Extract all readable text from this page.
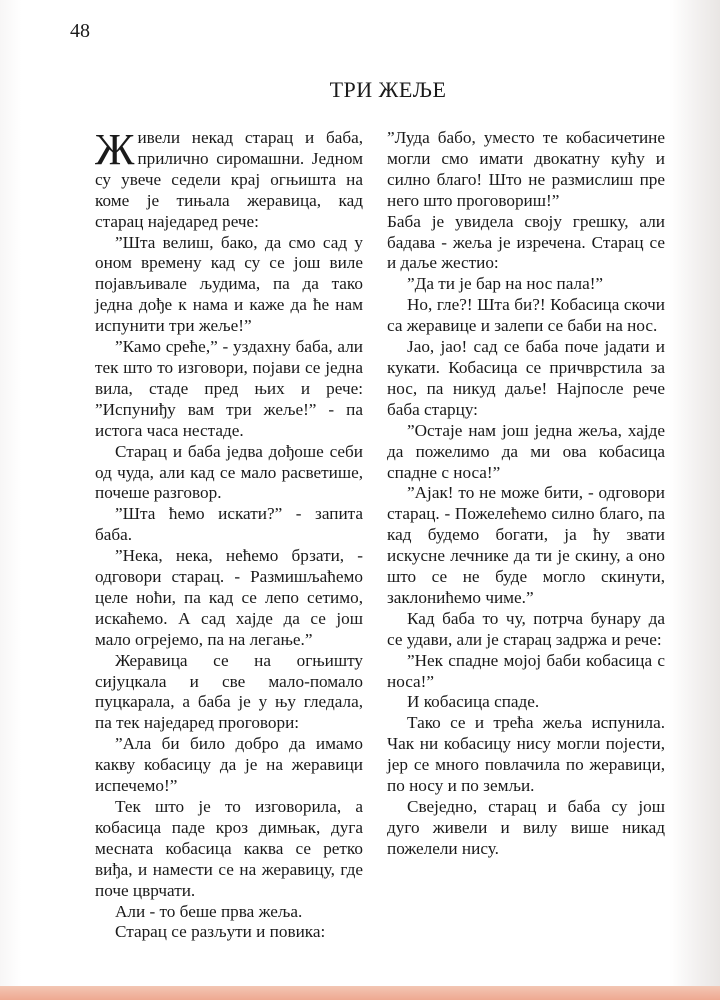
48
ТРИ ЖЕЉЕ

Живели некад старац и баба, прилично сиромашни. Једном су увече седели крај огњишта на коме је тињала жеравица, кад старац наједаред рече:

”Шта велиш, бако, да смо сад у оном времену кад су се још виле појављивале људима, па да тако једна дође к нама и каже да ће нам испунити три жеље!”

”Камо среће,” - уздахну баба, али тек што то изговори, појави се једна вила, стаде пред њих и рече: ”Испуниђу вам три жеље!” - па истога часа нестаде.

Старац и баба једва дођоше себи од чуда, али кад се мало расветише, почеше разговор.

”Шта ћемо искати?” - запита баба.

”Нека, нека, нећемо брзати, - одговори старац. - Размишљаћемо целе ноћи, па кад се лепо сетимо, искаћемо. А сад хајде да се још мало огрејемо, па на легање.”

Жеравица се на огњишту сијуцкала и све мало-помало пуцкарала, а баба је у њу гледала, па тек наједаред проговори:

”Ала би било добро да имамо какву кобасицу да је на жеравици испечемо!”

Тек што је то изговорила, а кобасица паде кроз димњак, дуга месната кобасица каква се ретко виђа, и намести се на жеравицу, где поче цврчати.

Али - то беше прва жеља.

Старац се разљути и повика:

”Луда бабо, уместо те кобасичетине могли смо имати двокатну кућу и силно благо! Што не размислиш пре него што проговориш!”

Баба је увидела своју грешку, али бадава - жеља је изречена. Старац се и даље жестио:

”Да ти је бар на нос пала!”

Но, гле?! Шта би?! Кобасица скочи са жеравице и залепи се баби на нос.

Јао, јао! сад се баба поче јадати и кукати. Кобасица се причврстила за нос, па никуд даље! Најпосле рече баба старцу:

”Остаје нам још једна жеља, хајде да пожелимо да ми ова кобасица спадне с носа!”

”Ајак! то не може бити, - одговори старац. - Пожелећемо силно благо, па кад будемо богати, ја ћу звати искусне лечнике да ти је скину, а оно што се не буде могло скинути, заклонићемо чиме.”

Кад баба то чу, потрча бунару да се удави, али је старац задржа и рече:

”Нек спадне мојој баби кобасица с носа!”

И кобасица спаде.

Тако се и трећа жеља испунила. Чак ни кобасицу нису могли појести, јер се много повлачила по жеравици, по носу и по земљи.

Свеједно, старац и баба су још дуго живели и вилу више никад пожелели нису.
